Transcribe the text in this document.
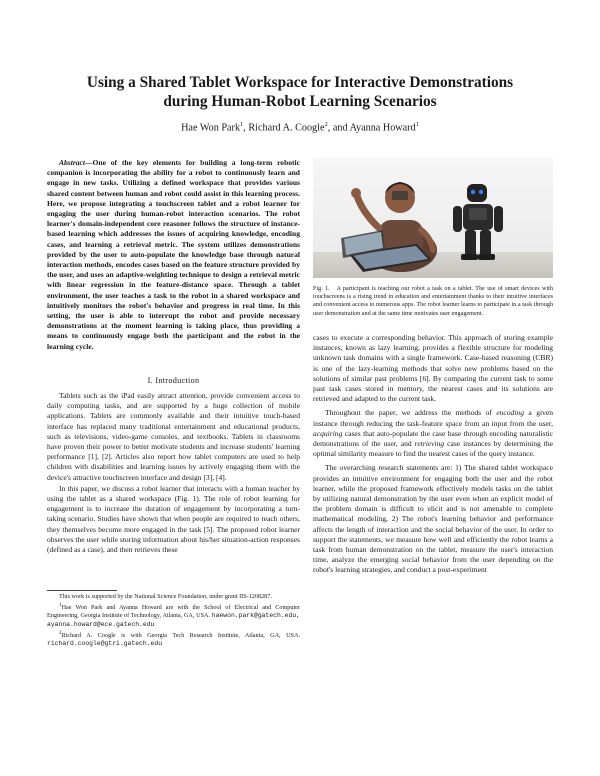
Using a Shared Tablet Workspace for Interactive Demonstrations
during Human-Robot Learning Scenarios
Hae Won Park$^1$, Richard A. Coogle$^2$, and Ayanna Howard$^1$

Abstract—One of the key elements for building a long-term robotic companion is incorporating the ability for a robot to continuously learn and engage in new tasks. Utilizing a defined workspace that provides various shared content between human and robot could assist in this learning process. Here, we propose integrating a touchscreen tablet and a robot learner for engaging the user during human-robot interaction scenarios. The robot learner's domain-independent core reasoner follows the structure of instance-based learning which addresses the issues of acquiring knowledge, encoding cases, and learning a retrieval metric. The system utilizes demonstrations provided by the user to auto-populate the knowledge base through natural interaction methods, encodes cases based on the feature structure provided by the user, and uses an adaptive-weighting technique to design a retrieval metric with linear regression in the feature-distance space. Through a tablet environment, the user teaches a task to the robot in a shared workspace and intuitively monitors the robot's behavior and progress in real time. In this setting, the user is able to interrupt the robot and provide necessary demonstrations at the moment learning is taking place, thus providing a means to continuously engage both the participant and the robot in the learning cycle.

I. Introduction

Tablets such as the iPad easily attract attention, provide convenient access to daily computing tasks, and are supported by a huge collection of mobile applications. Tablets are commonly available and their intuitive touch-based interface has replaced many traditional entertainment and educational products, such as televisions, video-game consoles, and textbooks. Tablets in classrooms have proven their power to better motivate students and increase students' learning performance [1], [2]. Articles also report how tablet computers are used to help children with disabilities and learning issues by actively engaging them with the device's attractive touchscreen interface and design [3], [4].

In this paper, we discuss a robot learner that interacts with a human teacher by using the tablet as a shared workspace (Fig. 1). The role of robot learning for engagement is to increase the duration of engagement by incorporating a turn-taking scenario. Studies have shown that when people are required to teach others, they themselves become more engaged in the task [5]. The proposed robot learner observes the user while storing information about his/her situation-action responses (defined as a case), and then retrieves these

This work is supported by the National Science Foundation, under grant IIS-1208287.

$^1$Hae Won Park and Ayanna Howard are with the School of Electrical and Computer Engineering, Georgia Institute of Technology, Atlanta, GA, USA. haewon.park@gatech.edu, ayanna.howard@ece.gatech.edu

$^2$Richard A. Coogle is with Georgia Tech Research Institute, Atlanta, GA, USA. richard.coogle@gtri.gatech.edu

Fig. 1. A participant is teaching our robot a task on a tablet. The use of smart devices with touchscreens is a rising trend in education and entertainment thanks to their intuitive interfaces and convenient access to numerous apps. The robot learner learns to participate in a task through user demonstration and at the same time motivates user engagement.

cases to execute a corresponding behavior. This approach of storing example instances, known as lazy learning, provides a flexible structure for modeling unknown task domains with a single framework. Case-based reasoning (CBR) is one of the lazy-learning methods that solve new problems based on the solutions of similar past problems [6]. By comparing the current task to some past task cases stored in memory, the nearest cases and its solutions are retrieved and adapted to the current task.

Throughout the paper, we address the methods of encoding a given instance through reducing the task-feature space from an input from the user, acquiring cases that auto-populate the case base through encoding naturalistic demonstrations of the user, and retrieving case instances by determining the optimal similarity measure to find the nearest cases of the query instance.

The overarching research statements are: 1) The shared tablet workspace provides an intuitive environment for engaging both the user and the robot learner, while the proposed framework effectively models tasks on the tablet by utilizing natural demonstration by the user even when an explicit model of the problem domain is difficult to elicit and is not amenable to complete mathematical modeling, 2) The robot's learning behavior and performance affects the length of interaction and the social behavior of the user. In order to support the statements, we measure how well and efficiently the robot learns a task from human demonstration on the tablet, measure the user's interaction time, analyze the emerging social behavior from the user depending on the robot's learning strategies, and conduct a post-experiment
